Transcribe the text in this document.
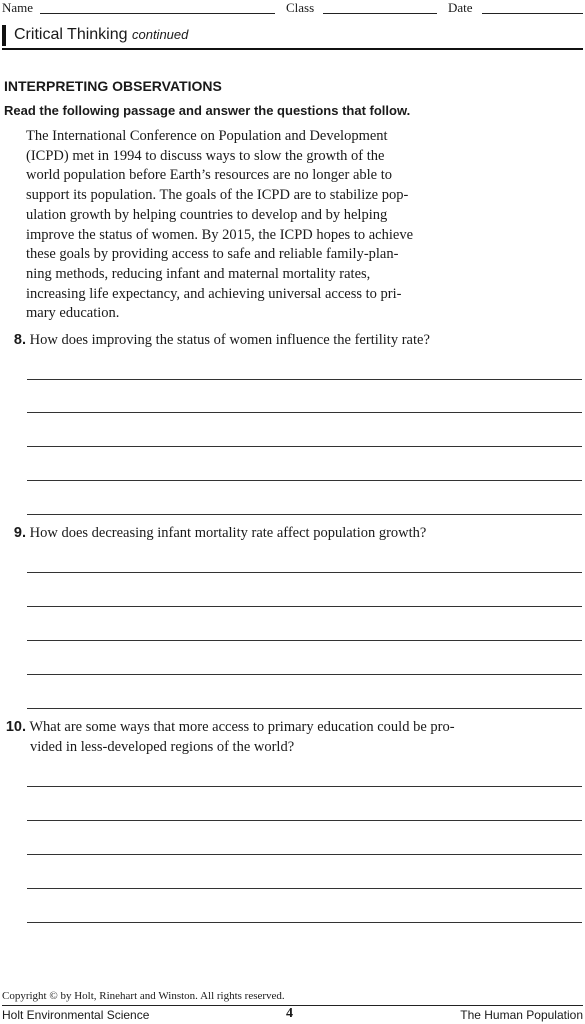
Name	Class	Date
Critical Thinking continued
INTERPRETING OBSERVATIONS
Read the following passage and answer the questions that follow.
The International Conference on Population and Development
(ICPD) met in 1994 to discuss ways to slow the growth of the
world population before Earth’s resources are no longer able to
support its population. The goals of the ICPD are to stabilize pop-
ulation growth by helping countries to develop and by helping
improve the status of women. By 2015, the ICPD hopes to achieve
these goals by providing access to safe and reliable family-plan-
ning methods, reducing infant and maternal mortality rates,
increasing life expectancy, and achieving universal access to pri-
mary education.
8. How does improving the status of women influence the fertility rate?
9. How does decreasing infant mortality rate affect population growth?
10. What are some ways that more access to primary education could be pro-
vided in less-developed regions of the world?
Copyright © by Holt, Rinehart and Winston. All rights reserved.
Holt Environmental Science	4	The Human Population
